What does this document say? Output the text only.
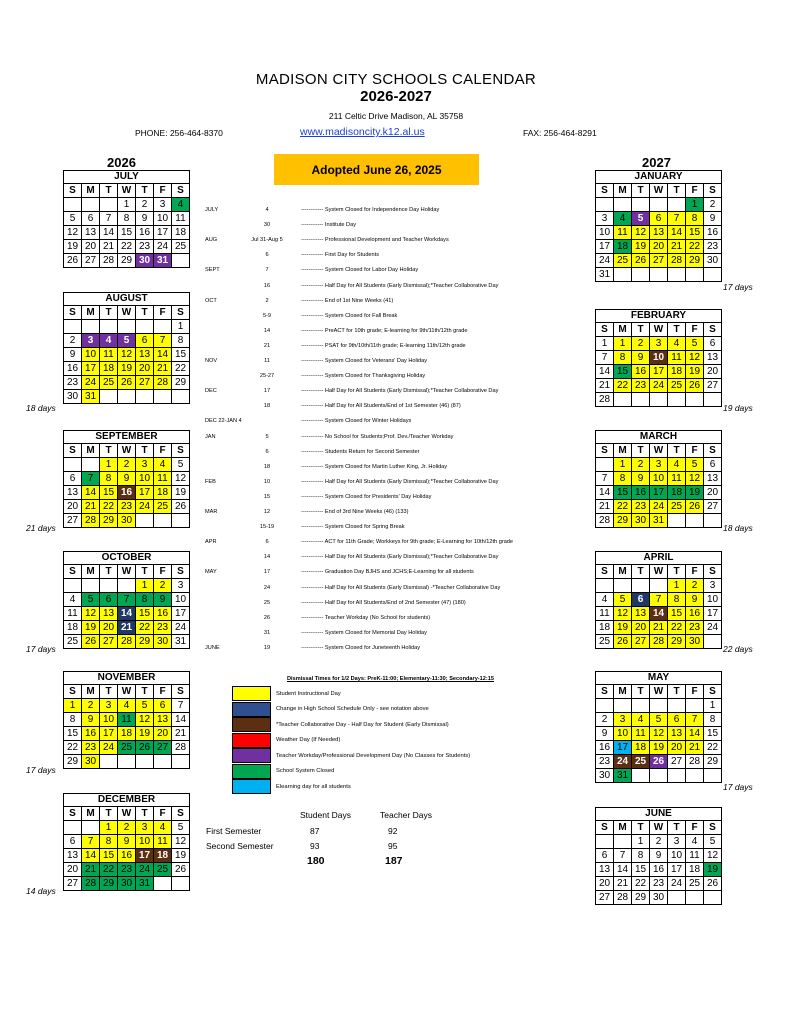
MADISON CITY SCHOOLS CALENDAR
2026-2027
211 Celtic Drive Madison, AL 35758
PHONE: 256-464-8370	www.madisoncity.k12.al.us	FAX: 256-464-8291
2026	2027
Adopted June 26, 2025
JULY
S	M	T	W	T	F	S
			1	2	3	4
5	6	7	8	9	10	11
12	13	14	15	16	17	18
19	20	21	22	23	24	25
26	27	28	29	30	31	
AUGUST
S	M	T	W	T	F	S
						1
2	3	4	5	6	7	8
9	10	11	12	13	14	15
16	17	18	19	20	21	22
23	24	25	26	27	28	29
30	31					
18 days
SEPTEMBER
S	M	T	W	T	F	S
		1	2	3	4	5
6	7	8	9	10	11	12
13	14	15	16	17	18	19
20	21	22	23	24	25	26
27	28	29	30			
21 days
OCTOBER
S	M	T	W	T	F	S
				1	2	3
4	5	6	7	8	9	10
11	12	13	14	15	16	17
18	19	20	21	22	23	24
25	26	27	28	29	30	31
17 days
NOVEMBER
S	M	T	W	T	F	S
1	2	3	4	5	6	7
8	9	10	11	12	13	14
15	16	17	18	19	20	21
22	23	24	25	26	27	28
29	30					
17 days
DECEMBER
S	M	T	W	T	F	S
		1	2	3	4	5
6	7	8	9	10	11	12
13	14	15	16	17	18	19
20	21	22	23	24	25	26
27	28	29	30	31		
14 days
JANUARY
S	M	T	W	T	F	S
					1	2
3	4	5	6	7	8	9
10	11	12	13	14	15	16
17	18	19	20	21	22	23
24	25	26	27	28	29	30
31						
17 days
FEBRUARY
S	M	T	W	T	F	S
1	1	2	3	4	5	6
7	8	9	10	11	12	13
14	15	16	17	18	19	20
21	22	23	24	25	26	27
28						
19 days
MARCH
S	M	T	W	T	F	S
	1	2	3	4	5	6
7	8	9	10	11	12	13
14	15	16	17	18	19	20
21	22	23	24	25	26	27
28	29	30	31			
18 days
APRIL
S	M	T	W	T	F	S
				1	2	3
4	5	6	7	8	9	10
11	12	13	14	15	16	17
18	19	20	21	22	23	24
25	26	27	28	29	30	
22 days
MAY
S	M	T	W	T	F	S
						1
2	3	4	5	6	7	8
9	10	11	12	13	14	15
16	17	18	19	20	21	22
23	24	25	26	27	28	29
30	31					
17 days
JUNE
S	M	T	W	T	F	S
		1	2	3	4	5
6	7	8	9	10	11	12
13	14	15	16	17	18	19
20	21	22	23	24	25	26
27	28	29	30			
JULY	4	------------ System Closed for Independence Day Holiday
30	------------ Institute Day
AUG	Jul 31-Aug 5	------------ Professional Development and Teacher Workdays
6	------------ First Day for Students
SEPT	7	------------ System Closed for Labor Day Holiday
16	------------ Half Day for All Students (Early Dismissal);*Teacher Collaborative Day
OCT	2	------------ End of 1st Nine Weeks (41)
5-9	------------ System Closed for Fall Break
14	------------ PreACT for 10th grade; E-learning for 9th/11th/12th grade
21	------------ PSAT for 9th/10th/11th grade; E-learning 11th/12th grade
NOV	11	------------ System Closed for Veterans' Day Holiday
25-27	------------ System Closed for Thanksgiving Holiday
DEC	17	------------ Half Day for All Students (Early Dismissal);*Teacher Collaborative Day
18	------------ Half Day for All Students/End of 1st Semester (46) (87)
DEC 22-JAN 4	------------ System Closed for Winter Holidays
JAN	5	------------ No School for Students;Prof. Dev./Teacher Workday
6	------------ Students Return for Second Semester
18	------------ System Closed for Martin Luther King, Jr. Holiday
FEB	10	------------ Half Day for All Students (Early Dismissal);*Teacher Collaborative Day
15	------------ System Closed for Presidents' Day Holiday
MAR	12	------------ End of 3rd Nine Weeks (46) (133)
15-19	------------ System Closed for Spring Break
APR	6	------------ ACT for 11th Grade; Workkeys for 9th grade; E-Learning for 10th/12th grade
14	------------ Half Day for All Students (Early Dismissal);*Teacher Collaborative Day
MAY	17	------------ Graduation Day BJHS and JCHS;E-Learning for all students
24	------------ Half Day for All Students (Early Dismissal) -*Teacher Collaborative Day
25	------------ Half Day for All Students/End of 2nd Semester (47) (180)
26	------------ Teacher Workday (No School for students)
31	------------ System Closed for Memorial Day Holiday
JUNE	19	------------ System Closed for Juneteenth Holiday
Dismissal Times for 1/2 Days: PreK-11:00; Elementary-11:30; Secondary-12:15
Student Instructional Day
Change in High School Schedule Only - see notation above
*Teacher Collaborative Day - Half Day for Student (Early Dismissal)
Weather Day (If Needed)
Teacher Workday/Professional Development Day (No Classes for Students)
School System Closed
Elearning day for all students
Student Days	Teacher Days
First Semester	87	92
Second Semester	93	95
180	187
